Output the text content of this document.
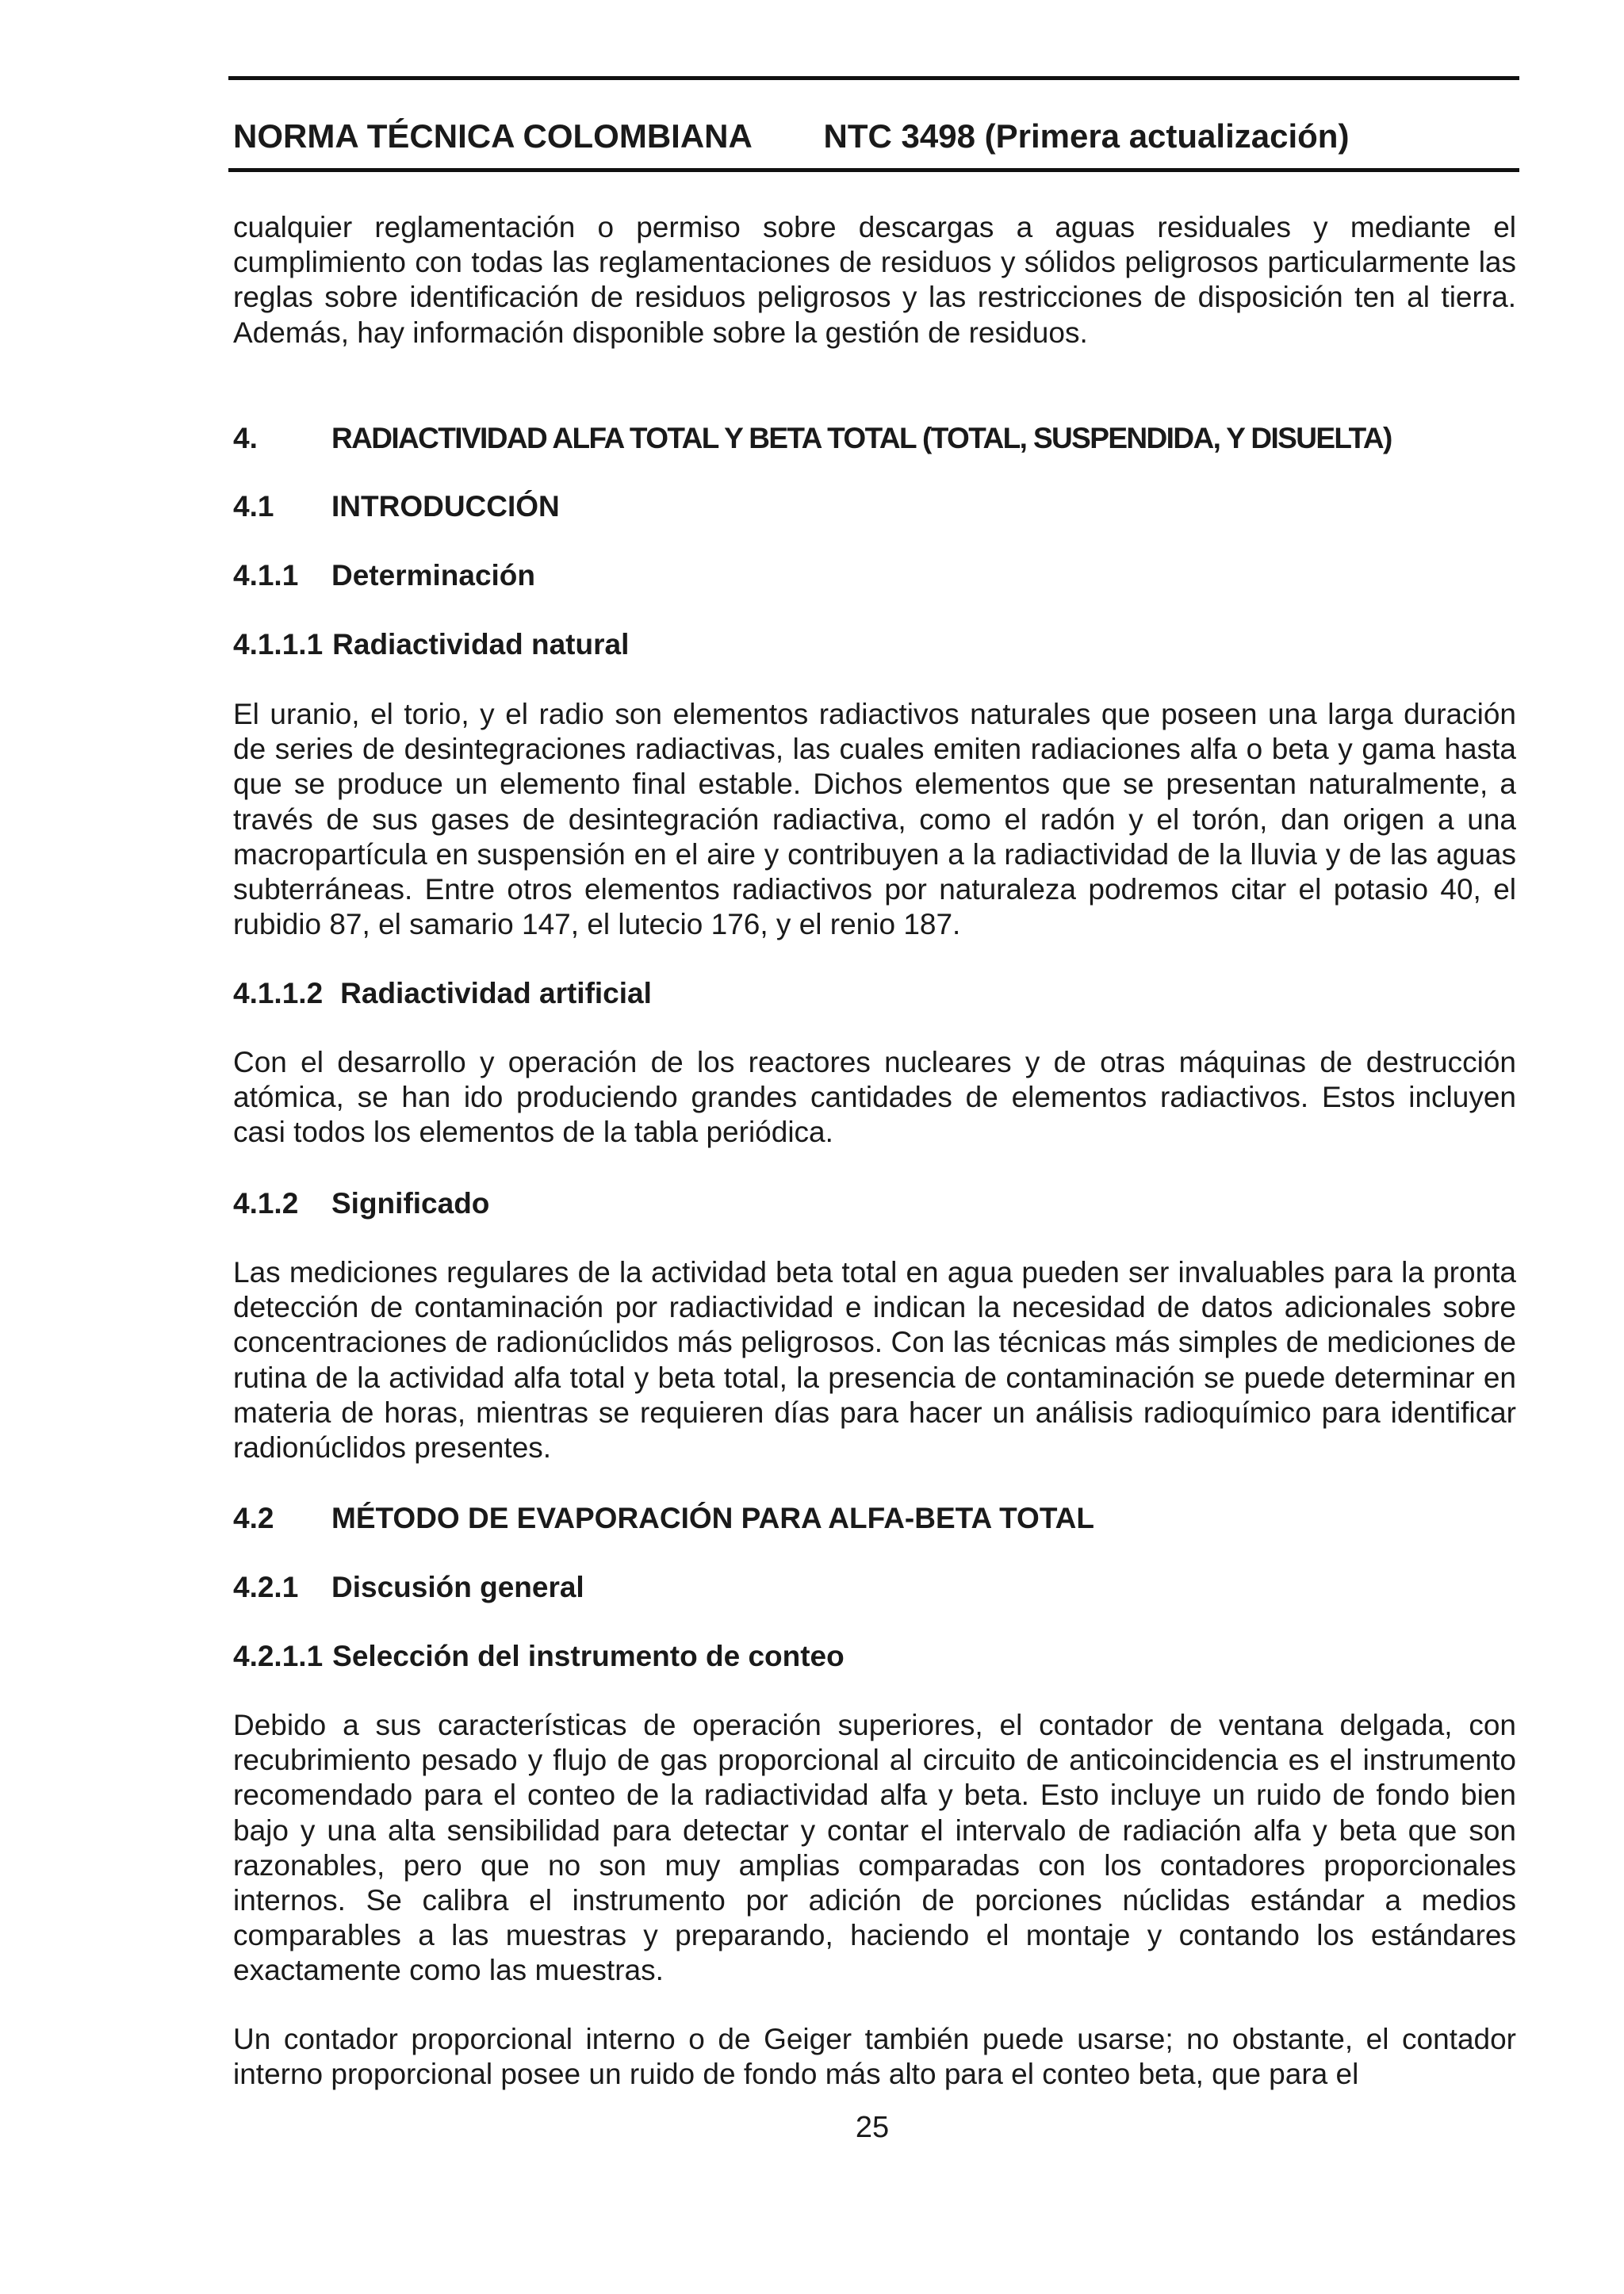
NORMA TÉCNICA COLOMBIANA NTC 3498 (Primera actualización)

cualquier reglamentación o permiso sobre descargas a aguas residuales y mediante el cumplimiento con todas las reglamentaciones de residuos y sólidos peligrosos particularmente las reglas sobre identificación de residuos peligrosos y las restricciones de disposición ten al tierra. Además, hay información disponible sobre la gestión de residuos.

4.	RADIACTIVIDAD ALFA TOTAL Y BETA TOTAL (TOTAL, SUSPENDIDA, Y DISUELTA)
4.1 INTRODUCCIÓN
4.1.1 Determinación
4.1.1.1 Radiactividad natural

El uranio, el torio, y el radio son elementos radiactivos naturales que poseen una larga duración de series de desintegraciones radiactivas, las cuales emiten radiaciones alfa o beta y gama hasta que se produce un elemento final estable. Dichos elementos que se presentan naturalmente, a través de sus gases de desintegración radiactiva, como el radón y el torón, dan origen a una macropartícula en suspensión en el aire y contribuyen a la radiactividad de la lluvia y de las aguas subterráneas. Entre otros elementos radiactivos por naturaleza podremos citar el potasio 40, el rubidio 87, el samario 147, el lutecio 176, y el renio 187.

4.1.1.2 Radiactividad artificial

Con el desarrollo y operación de los reactores nucleares y de otras máquinas de destrucción atómica, se han ido produciendo grandes cantidades de elementos radiactivos. Estos incluyen casi todos los elementos de la tabla periódica.

4.1.2 Significado

Las mediciones regulares de la actividad beta total en agua pueden ser invaluables para la pronta detección de contaminación por radiactividad e indican la necesidad de datos adicionales sobre concentraciones de radionúclidos más peligrosos. Con las técnicas más simples de mediciones de rutina de la actividad alfa total y beta total, la presencia de contaminación se puede determinar en materia de horas, mientras se requieren días para hacer un análisis radioquímico para identificar radionúclidos presentes.

4.2 MÉTODO DE EVAPORACIÓN PARA ALFA-BETA TOTAL
4.2.1 Discusión general
4.2.1.1 Selección del instrumento de conteo

Debido a sus características de operación superiores, el contador de ventana delgada, con recubrimiento pesado y flujo de gas proporcional al circuito de anticoincidencia es el instrumento recomendado para el conteo de la radiactividad alfa y beta. Esto incluye un ruido de fondo bien bajo y una alta sensibilidad para detectar y contar el intervalo de radiación alfa y beta que son razonables, pero que no son muy amplias comparadas con los contadores proporcionales internos. Se calibra el instrumento por adición de porciones núclidas estándar a medios comparables a las muestras y preparando, haciendo el montaje y contando los estándares exactamente como las muestras.

Un contador proporcional interno o de Geiger también puede usarse; no obstante, el contador interno proporcional posee un ruido de fondo más alto para el conteo beta, que para el

25
